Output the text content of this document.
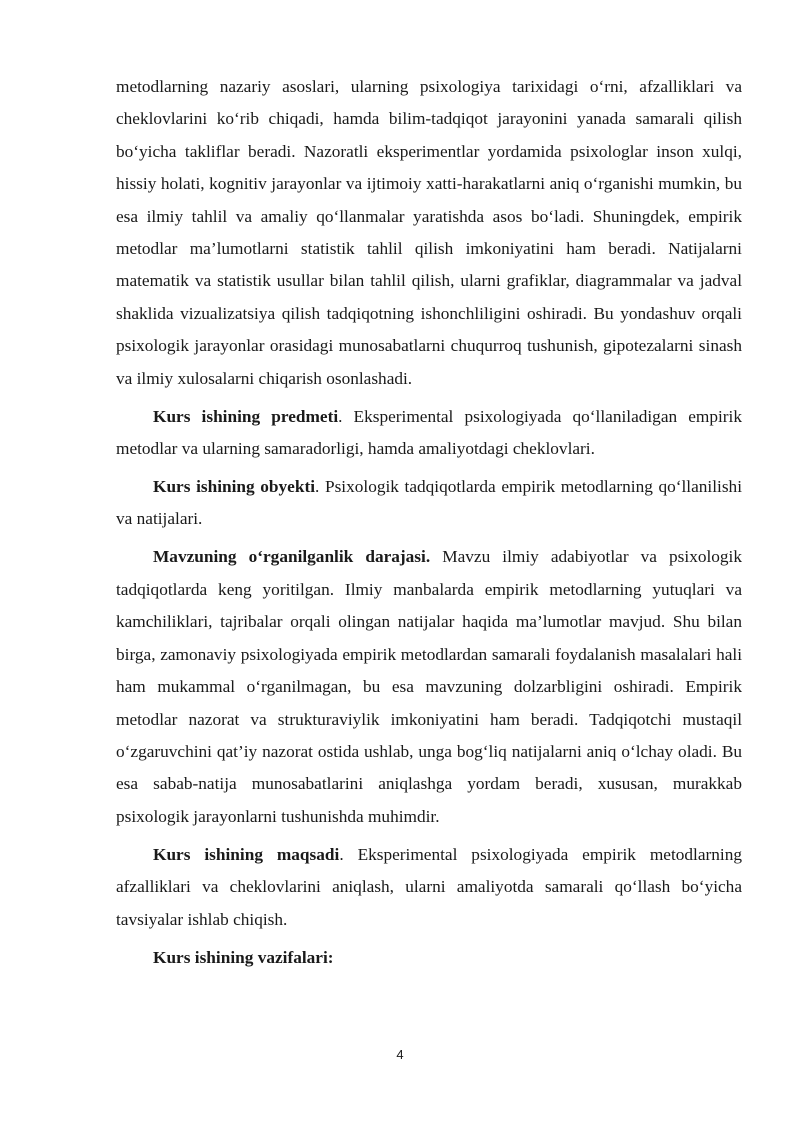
metodlarning nazariy asoslari, ularning psixologiya tarixidagi o‘rni, afzalliklari va cheklovlarini ko‘rib chiqadi, hamda bilim-tadqiqot jarayonini yanada samarali qilish bo‘yicha takliflar beradi. Nazoratli eksperimentlar yordamida psixologlar inson xulqi, hissiy holati, kognitiv jarayonlar va ijtimoiy xatti-harakatlarni aniq o‘rganishi mumkin, bu esa ilmiy tahlil va amaliy qo‘llanmalar yaratishda asos bo‘ladi. Shuningdek, empirik metodlar ma’lumotlarni statistik tahlil qilish imkoniyatini ham beradi. Natijalarni matematik va statistik usullar bilan tahlil qilish, ularni grafiklar, diagrammalar va jadval shaklida vizualizatsiya qilish tadqiqotning ishonchliligini oshiradi. Bu yondashuv orqali psixologik jarayonlar orasidagi munosabatlarni chuqurroq tushunish, gipotezalarni sinash va ilmiy xulosalarni chiqarish osonlashadi.

Kurs ishining predmeti. Eksperimental psixologiyada qo‘llaniladigan empirik metodlar va ularning samaradorligi, hamda amaliyotdagi cheklovlari.

Kurs ishining obyekti. Psixologik tadqiqotlarda empirik metodlarning qo‘llanilishi va natijalari.

Mavzuning o‘rganilganlik darajasi. Mavzu ilmiy adabiyotlar va psixologik tadqiqotlarda keng yoritilgan. Ilmiy manbalarda empirik metodlarning yutuqlari va kamchiliklari, tajribalar orqali olingan natijalar haqida ma’lumotlar mavjud. Shu bilan birga, zamonaviy psixologiyada empirik metodlardan samarali foydalanish masalalari hali ham mukammal o‘rganilmagan, bu esa mavzuning dolzarbligini oshiradi. Empirik metodlar nazorat va strukturaviylik imkoniyatini ham beradi. Tadqiqotchi mustaqil o‘zgaruvchini qat’iy nazorat ostida ushlab, unga bog‘liq natijalarni aniq o‘lchay oladi. Bu esa sabab-natija munosabatlarini aniqlashga yordam beradi, xususan, murakkab psixologik jarayonlarni tushunishda muhimdir.

Kurs ishining maqsadi. Eksperimental psixologiyada empirik metodlarning afzalliklari va cheklovlarini aniqlash, ularni amaliyotda samarali qo‘llash bo‘yicha tavsiyalar ishlab chiqish.

Kurs ishining vazifalari:

4
